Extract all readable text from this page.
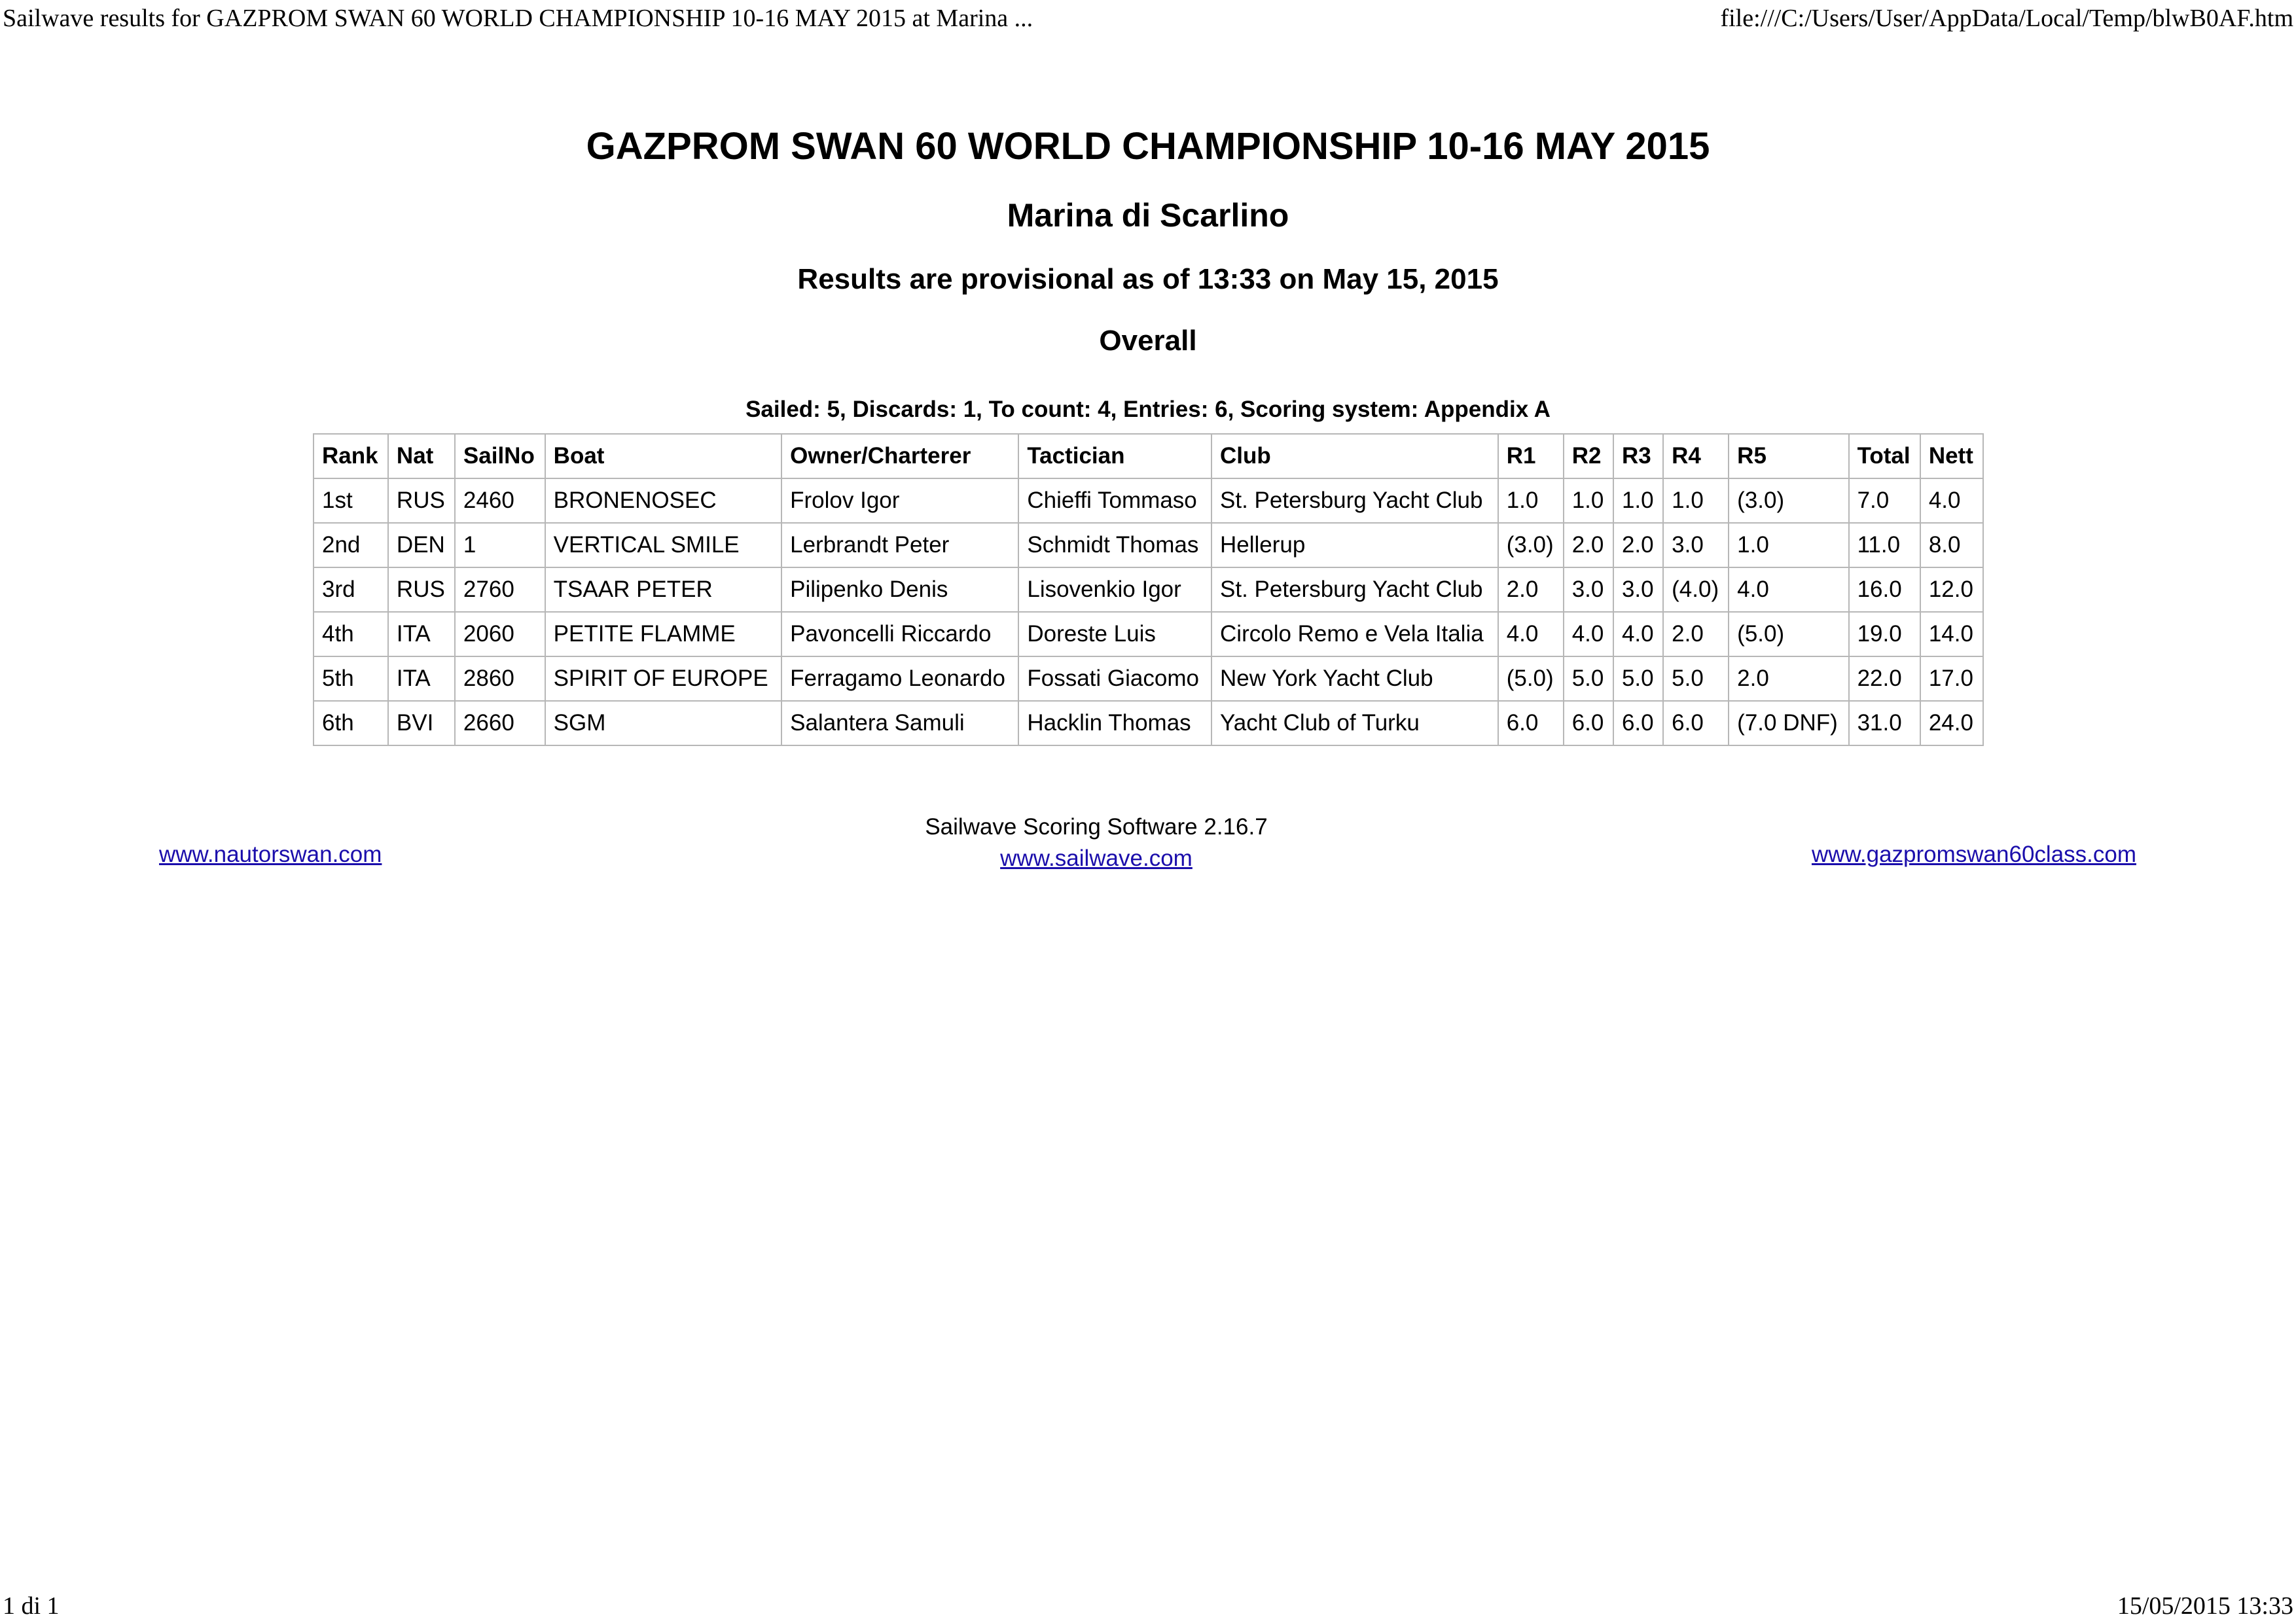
Sailwave results for GAZPROM SWAN 60 WORLD CHAMPIONSHIP 10-16 MAY 2015 at Marina ...	file:///C:/Users/User/AppData/Local/Temp/blwB0AF.htm
GAZPROM SWAN 60 WORLD CHAMPIONSHIP 10-16 MAY 2015
Marina di Scarlino
Results are provisional as of 13:33 on May 15, 2015
Overall
Sailed: 5, Discards: 1, To count: 4, Entries: 6, Scoring system: Appendix A
Rank	Nat	SailNo	Boat	Owner/Charterer	Tactician	Club	R1	R2	R3	R4	R5	Total	Nett
1st	RUS	2460	BRONENOSEC	Frolov Igor	Chieffi Tommaso	St. Petersburg Yacht Club	1.0	1.0	1.0	1.0	(3.0)	7.0	4.0
2nd	DEN	1	VERTICAL SMILE	Lerbrandt Peter	Schmidt Thomas	Hellerup	(3.0)	2.0	2.0	3.0	1.0	11.0	8.0
3rd	RUS	2760	TSAAR PETER	Pilipenko Denis	Lisovenkio Igor	St. Petersburg Yacht Club	2.0	3.0	3.0	(4.0)	4.0	16.0	12.0
4th	ITA	2060	PETITE FLAMME	Pavoncelli Riccardo	Doreste Luis	Circolo Remo e Vela Italia	4.0	4.0	4.0	2.0	(5.0)	19.0	14.0
5th	ITA	2860	SPIRIT OF EUROPE	Ferragamo Leonardo	Fossati Giacomo	New York Yacht Club	(5.0)	5.0	5.0	5.0	2.0	22.0	17.0
6th	BVI	2660	SGM	Salantera Samuli	Hacklin Thomas	Yacht Club of Turku	6.0	6.0	6.0	6.0	(7.0 DNF)	31.0	24.0
www.nautorswan.com
Sailwave Scoring Software 2.16.7
www.sailwave.com	www.gazpromswan60class.com
1 di 1	15/05/2015 13:33
